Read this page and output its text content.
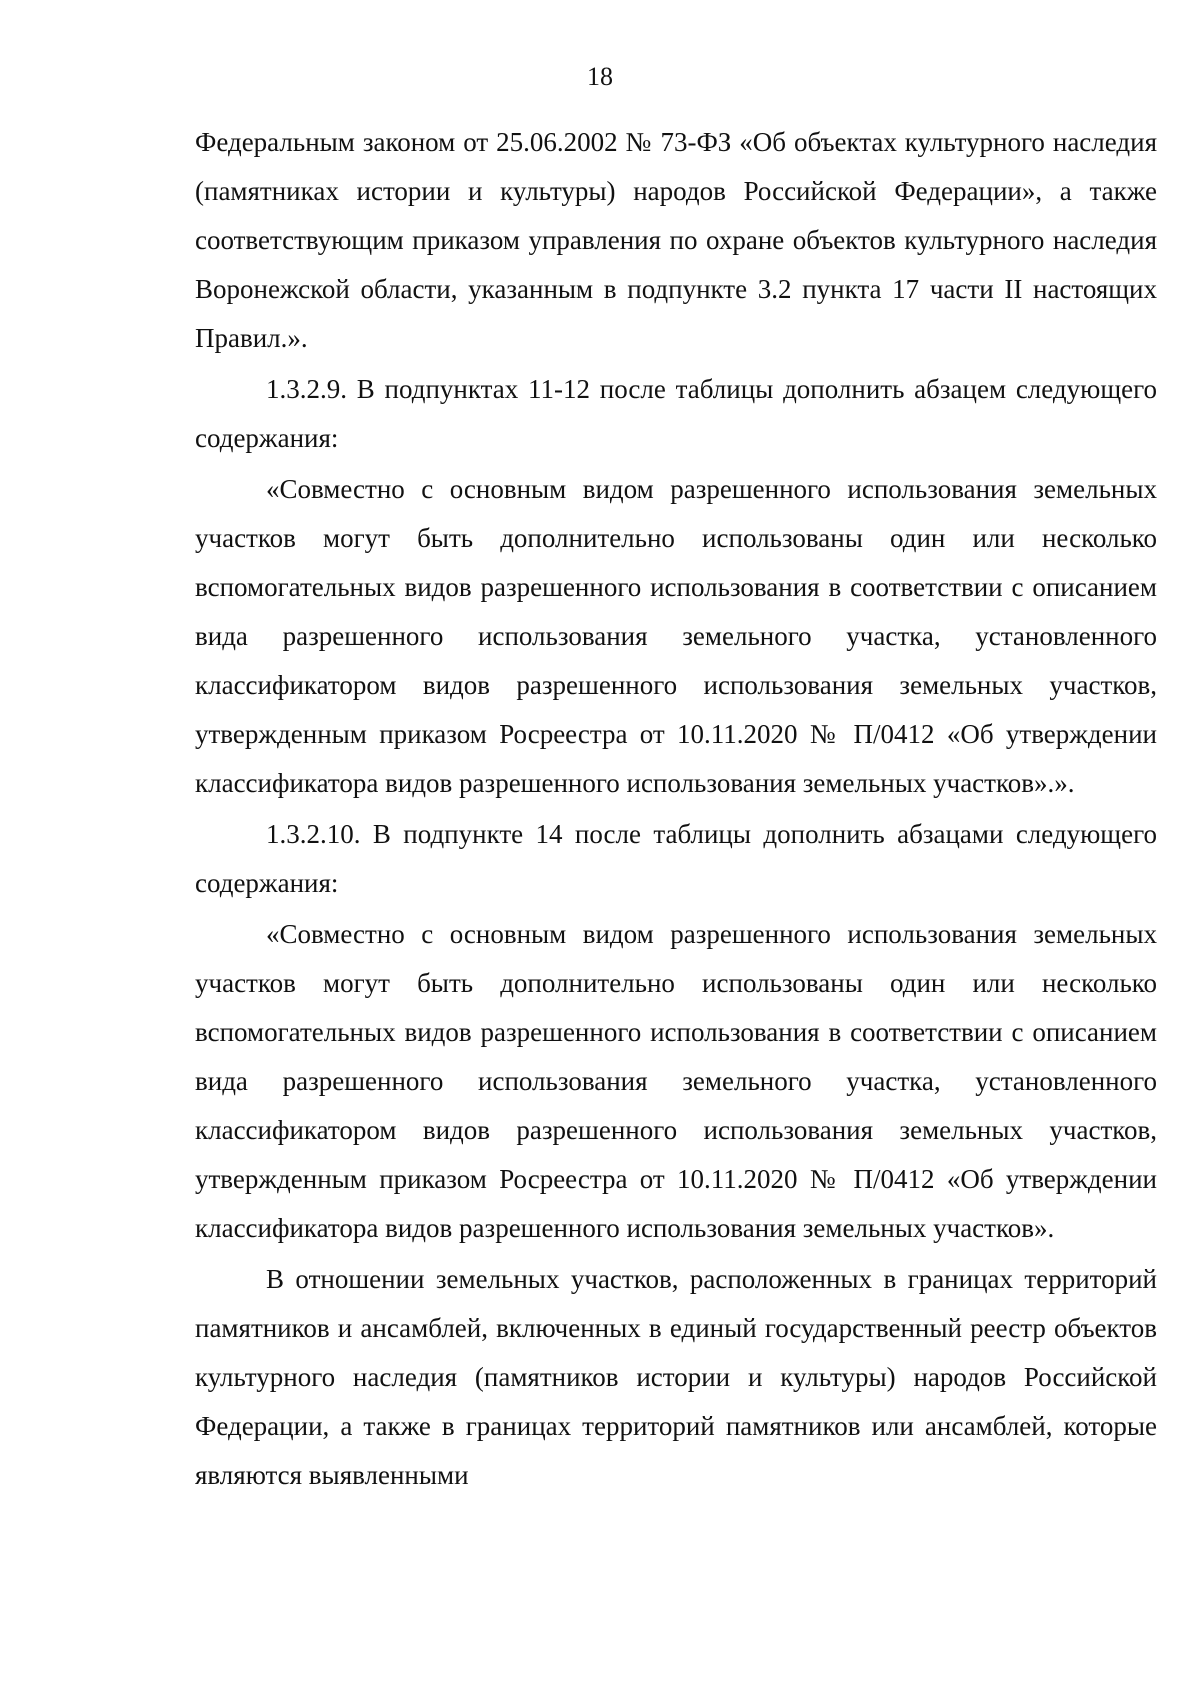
18

Федеральным законом от 25.06.2002 № 73-ФЗ «Об объектах культурного наследия (памятниках истории и культуры) народов Российской Федерации», а также соответствующим приказом управления по охране объектов культурного наследия Воронежской области, указанным в подпункте 3.2 пункта 17 части II настоящих Правил.».

1.3.2.9. В подпунктах 11-12 после таблицы дополнить абзацем следующего содержания:

«Совместно с основным видом разрешенного использования земельных участков могут быть дополнительно использованы один или несколько вспомогательных видов разрешенного использования в соответствии с описанием вида разрешенного использования земельного участка, установленного классификатором видов разрешенного использования земельных участков, утвержденным приказом Росреестра от 10.11.2020 № П/0412 «Об утверждении классификатора видов разрешенного использования земельных участков».».

1.3.2.10. В подпункте 14 после таблицы дополнить абзацами следующего содержания:

«Совместно с основным видом разрешенного использования земельных участков могут быть дополнительно использованы один или несколько вспомогательных видов разрешенного использования в соответствии с описанием вида разрешенного использования земельного участка, установленного классификатором видов разрешенного использования земельных участков, утвержденным приказом Росреестра от 10.11.2020 № П/0412 «Об утверждении классификатора видов разрешенного использования земельных участков».

В отношении земельных участков, расположенных в границах территорий памятников и ансамблей, включенных в единый государственный реестр объектов культурного наследия (памятников истории и культуры) народов Российской Федерации, а также в границах территорий памятников или ансамблей, которые являются выявленными
